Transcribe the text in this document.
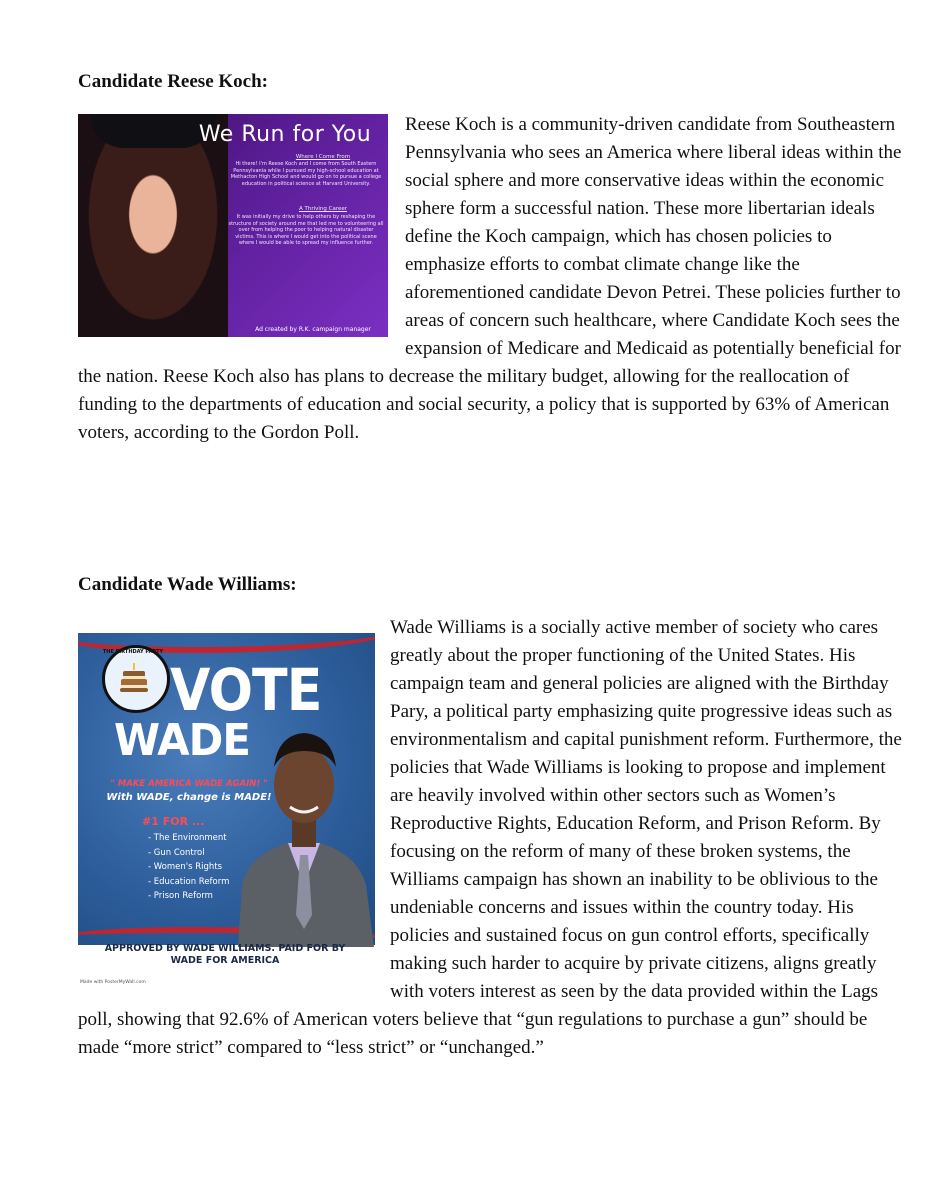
Candidate Reese Koch:

We Run for You
Where I Come From
Hi there! I'm Reese Koch and I come from South Eastern Pennsylvania while I pursued my high-school education at Methacton High School and would go on to pursue a college education in political science at Harvard University.
A Thriving Career
It was initially my drive to help others by reshaping the structure of society around me that led me to volunteering all over from helping the poor to helping natural disaster victims. This is where I would get into the political scene where I would be able to spread my influence further.
Ad created by R.K. campaign manager

Reese Koch is a community-driven candidate from Southeastern Pennsylvania who sees an America where liberal ideas within the social sphere and more conservative ideas within the economic sphere form a successful nation. These more libertarian ideals define the Koch campaign, which has chosen policies to emphasize efforts to combat climate change like the aforementioned candidate Devon Petrei. These policies further to areas of concern such healthcare, where Candidate Koch sees the expansion of Medicare and Medicaid as potentially beneficial for the nation. Reese Koch also has plans to decrease the military budget, allowing for the reallocation of funding to the departments of education and social security, a policy that is supported by 63% of American voters, according to the Gordon Poll.

Candidate Wade Williams:

THE BIRTHDAY PARTY
VOTE
WADE
" MAKE AMERICA WADE AGAIN! "
With WADE, change is MADE!
#1 FOR ...
- The Environment
- Gun Control
- Women's Rights
- Education Reform
- Prison Reform
APPROVED BY WADE WILLIAMS. PAID FOR BY WADE FOR AMERICA
Made with PosterMyWall.com

Wade Williams is a socially active member of society who cares greatly about the proper functioning of the United States. His campaign team and general policies are aligned with the Birthday Pary, a political party emphasizing quite progressive ideas such as environmentalism and capital punishment reform. Furthermore, the policies that Wade Williams is looking to propose and implement are heavily involved within other sectors such as Women’s Reproductive Rights, Education Reform, and Prison Reform. By focusing on the reform of many of these broken systems, the Williams campaign has shown an inability to be oblivious to the undeniable concerns and issues within the country today. His policies and sustained focus on gun control efforts, specifically making such harder to acquire by private citizens, aligns greatly with voters interest as seen by the data provided within the Lags poll, showing that 92.6% of American voters believe that “gun regulations to purchase a gun” should be made “more strict” compared to “less strict” or “unchanged.”
